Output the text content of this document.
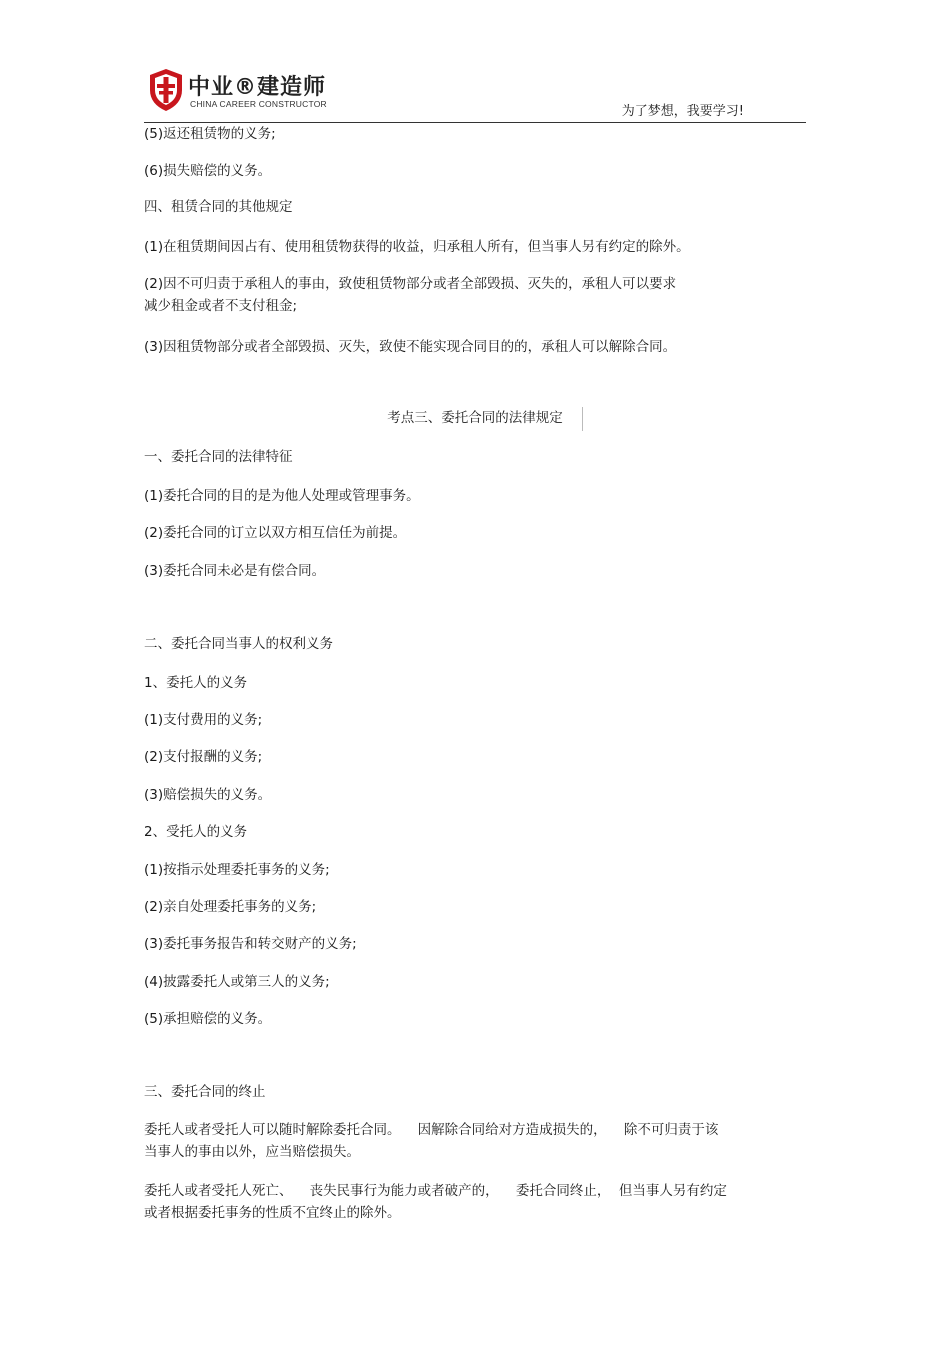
中业®建造师
CHINA CAREER CONSTRUCTOR	为了梦想，我要学习!
(5)返还租赁物的义务;
(6)损失赔偿的义务。
四、租赁合同的其他规定
(1)在租赁期间因占有、使用租赁物获得的收益，归承租人所有，但当事人另有约定的除外。
(2)因不可归责于承租人的事由，致使租赁物部分或者全部毁损、灭失的，承租人可以要求
减少租金或者不支付租金;
(3)因租赁物部分或者全部毁损、灭失，致使不能实现合同目的的，承租人可以解除合同。
考点三、委托合同的法律规定
一、委托合同的法律特征
(1)委托合同的目的是为他人处理或管理事务。
(2)委托合同的订立以双方相互信任为前提。
(3)委托合同未必是有偿合同。
二、委托合同当事人的权利义务
1、委托人的义务
(1)支付费用的义务;
(2)支付报酬的义务;
(3)赔偿损失的义务。
2、受托人的义务
(1)按指示处理委托事务的义务;
(2)亲自处理委托事务的义务;
(3)委托事务报告和转交财产的义务;
(4)披露委托人或第三人的义务;
(5)承担赔偿的义务。
三、委托合同的终止
委托人或者受托人可以随时解除委托合同。    因解除合同给对方造成损失的，    除不可归责于该
当事人的事由以外，应当赔偿损失。
委托人或者受托人死亡、    丧失民事行为能力或者破产的，    委托合同终止，  但当事人另有约定
或者根据委托事务的性质不宜终止的除外。
